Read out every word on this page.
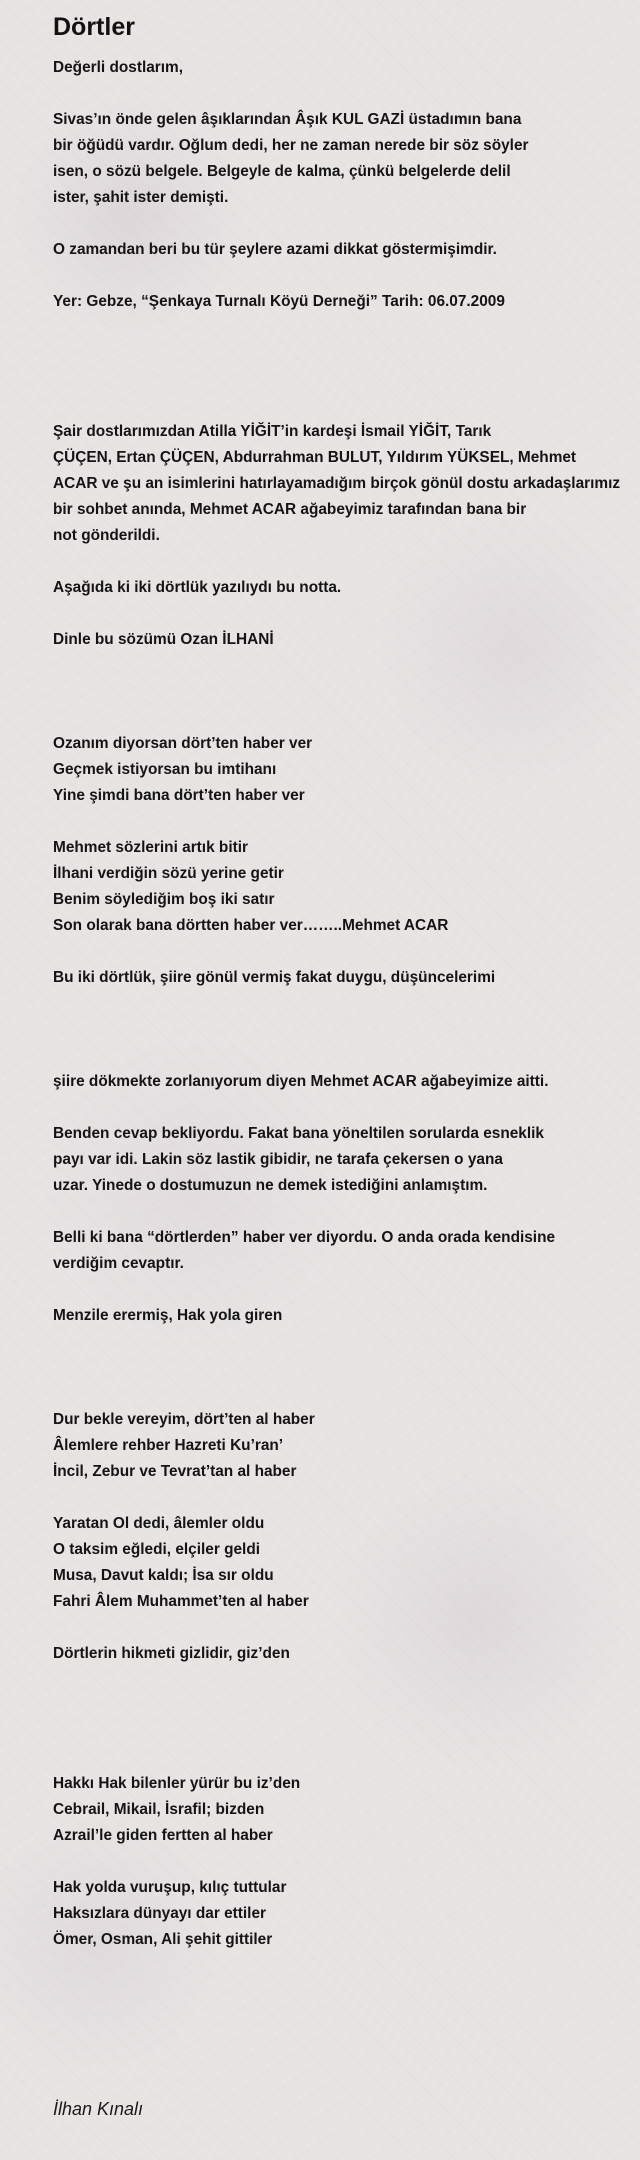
Dörtler
Değerli dostlarım,
Sivas’ın önde gelen âşıklarından Âşık KUL GAZİ üstadımın bana
bir öğüdü vardır. Oğlum dedi, her ne zaman nerede bir söz söyler
isen, o sözü belgele. Belgeyle de kalma, çünkü belgelerde delil
ister, şahit ister demişti.
O zamandan beri bu tür şeylere azami dikkat göstermişimdir.
Yer: Gebze, “Şenkaya Turnalı Köyü Derneği” Tarih: 06.07.2009
Şair dostlarımızdan Atilla YİĞİT’in kardeşi İsmail YİĞİT, Tarık
ÇÜÇEN, Ertan ÇÜÇEN, Abdurrahman BULUT, Yıldırım YÜKSEL, Mehmet
ACAR ve şu an isimlerini hatırlayamadığım birçok gönül dostu arkadaşlarımız
bir sohbet anında, Mehmet ACAR ağabeyimiz tarafından bana bir
not gönderildi.
Aşağıda ki iki dörtlük yazılıydı bu notta.
Dinle bu sözümü Ozan İLHANİ
Ozanım diyorsan dört’ten haber ver
Geçmek istiyorsan bu imtihanı
Yine şimdi bana dört’ten haber ver
Mehmet sözlerini artık bitir
İlhani verdiğin sözü yerine getir
Benim söylediğim boş iki satır
Son olarak bana dörtten haber ver……..Mehmet ACAR
Bu iki dörtlük, şiire gönül vermiş fakat duygu, düşüncelerimi
şiire dökmekte zorlanıyorum diyen Mehmet ACAR ağabeyimize aitti.
Benden cevap bekliyordu. Fakat bana yöneltilen sorularda esneklik
payı var idi. Lakin söz lastik gibidir, ne tarafa çekersen o yana
uzar. Yinede o dostumuzun ne demek istediğini anlamıştım.
Belli ki bana “dörtlerden” haber ver diyordu. O anda orada kendisine
verdiğim cevaptır.
Menzile erermiş, Hak yola giren
Dur bekle vereyim, dört’ten al haber
Âlemlere rehber Hazreti Ku’ran’
İncil, Zebur ve Tevrat’tan al haber
Yaratan Ol dedi, âlemler oldu
O taksim eğledi, elçiler geldi
Musa, Davut kaldı; İsa sır oldu
Fahri Âlem Muhammet’ten al haber
Dörtlerin hikmeti gizlidir, giz’den
Hakkı Hak bilenler yürür bu iz’den
Cebrail, Mikail, İsrafil; bizden
Azrail’le giden fertten al haber
Hak yolda vuruşup, kılıç tuttular
Haksızlara dünyayı dar ettiler
Ömer, Osman, Ali şehit gittiler
İlhan Kınalı
